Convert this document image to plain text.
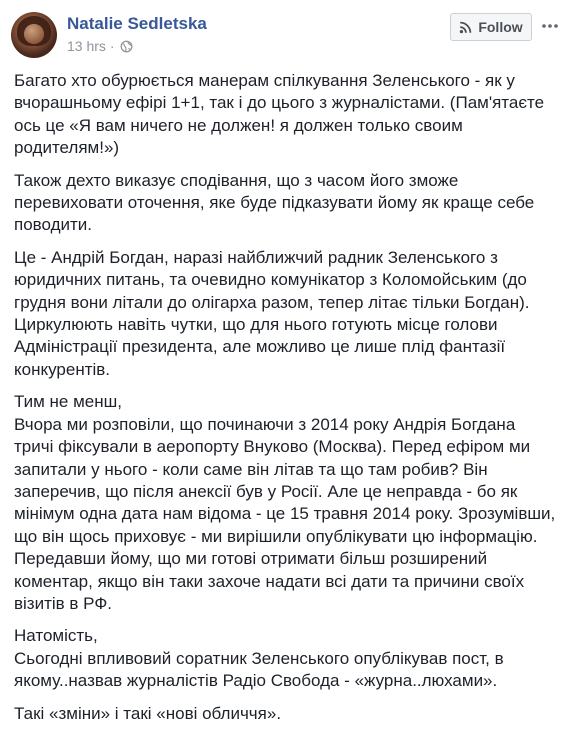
Natalie Sedletska
13 hrs ·
Follow

Багато хто обурюється манерам спілкування Зеленського - як у вчорашньому ефірі 1+1, так і до цього з журналістами. (Пам'ятаєте ось це «Я вам ничего не должен! я должен только своим родителям!»)

Також дехто виказує сподівання, що з часом його зможе перевиховати оточення, яке буде підказувати йому як краще себе поводити.

Це - Андрій Богдан, наразі найближчий радник Зеленського з юридичних питань, та очевидно комунікатор з Коломойським (до грудня вони літали до олігарха разом, тепер літає тільки Богдан). Циркулюють навіть чутки, що для нього готують місце голови Адміністрації президента, але можливо це лише плід фантазії конкурентів.

Тим не менш,
Вчора ми розповіли, що починаючи з 2014 року Андрія Богдана тричі фіксували в аеропорту Внуково (Москва). Перед ефіром ми запитали у нього - коли саме він літав та що там робив? Він заперечив, що після анексії був у Росії. Але це неправда - бо як мінімум одна дата нам відома - це 15 травня 2014 року. Зрозумівши, що він щось приховує - ми вирішили опублікувати цю інформацію. Передавши йому, що ми готові отримати більш розширений коментар, якщо він таки захоче надати всі дати та причини своїх візитів в РФ.

Натомість,
Сьогодні впливовий соратник Зеленського опублікував пост, в якому..назвав журналістів Радіо Свобода - «журна..люхами».

Такі «зміни» і такі «нові обличчя».
